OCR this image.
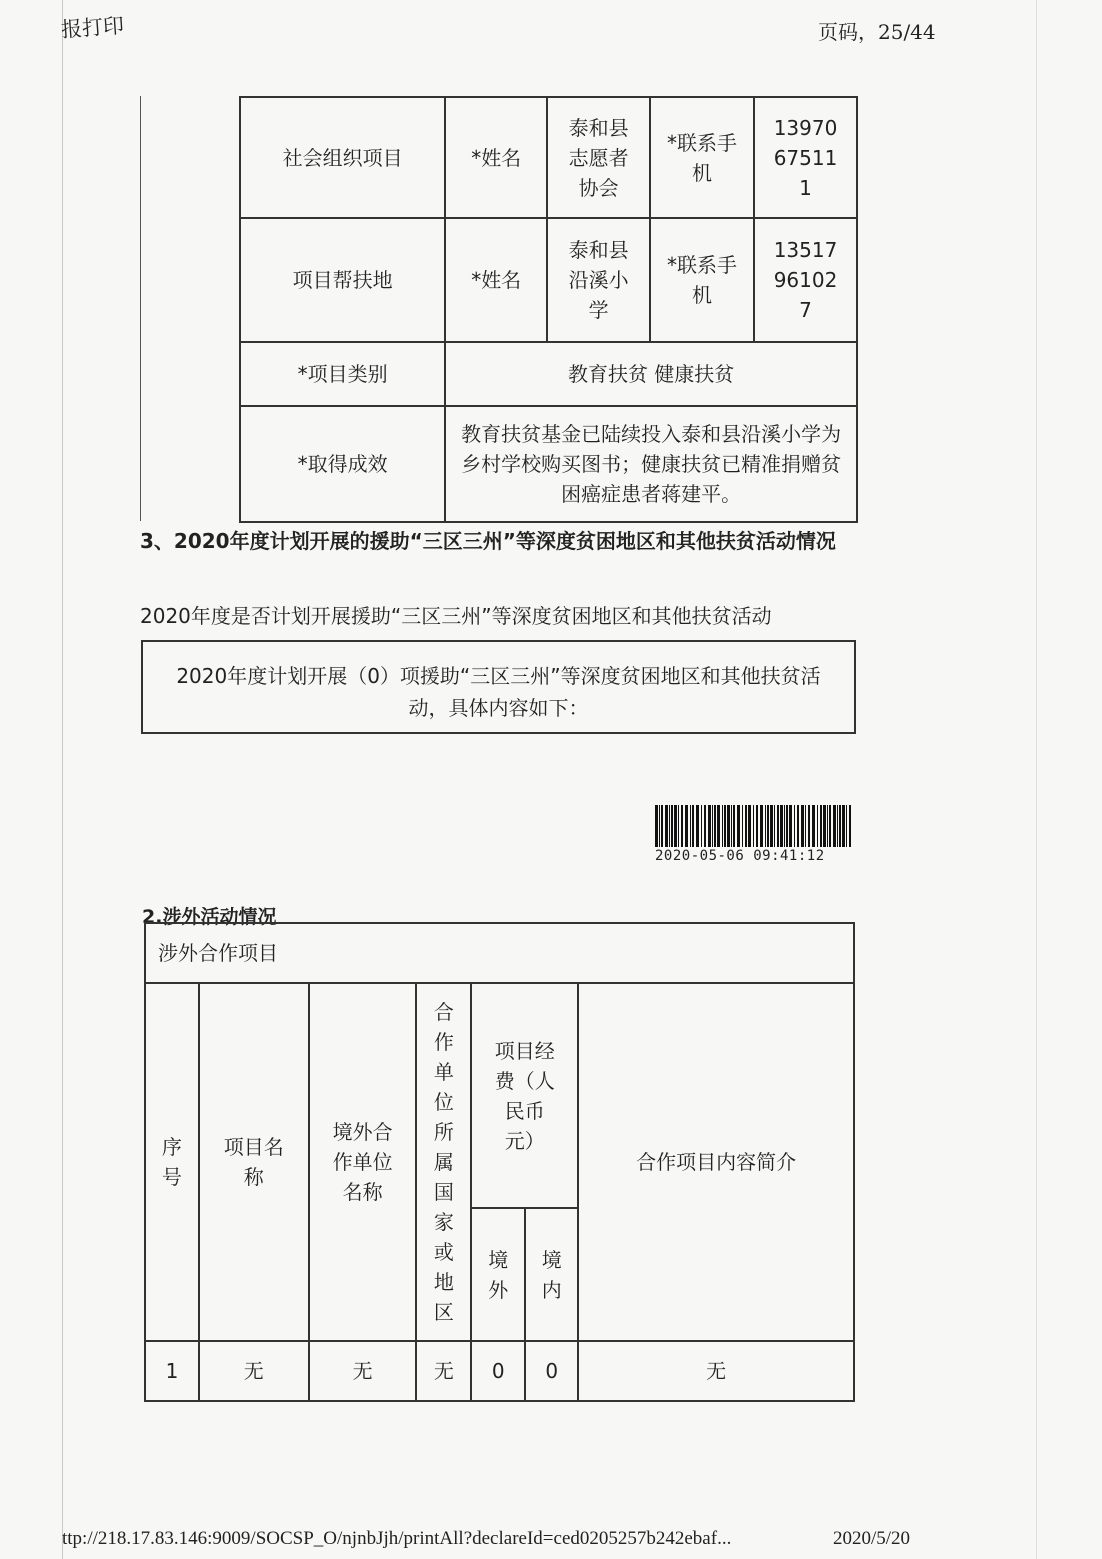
报打印	页码，25/44
社会组织项目	*姓名	泰和县志愿者协会	*联系手机	13970675111

项目帮扶地	*姓名	泰和县沿溪小学	*联系手机	13517961027

*项目类别	教育扶贫 健康扶贫			
*取得成效	教育扶贫基金已陆续投入泰和县沿溪小学为乡村学校购买图书；健康扶贫已精准捐赠贫困癌症患者蒋建平。			
3、2020年度计划开展的援助“三区三州”等深度贫困地区和其他扶贫活动情况
2020年度是否计划开展援助“三区三州”等深度贫困地区和其他扶贫活动
2020年度计划开展（0）项援助“三区三州”等深度贫困地区和其他扶贫活
动，具体内容如下：
2020-05-06 09:41:12
2.涉外活动情况
涉外合作项目						

序号	项目名称	境外合作单位名称	合作单位所属国家或地区	项目经费（人民币元）		合作项目内容简介

				境外	境内	

1	无	无	无	0	0	无
ttp://218.17.83.146:9009/SOCSP_O/njnbJjh/printAll?declareId=ced0205257b242ebaf...	2020/5/20
